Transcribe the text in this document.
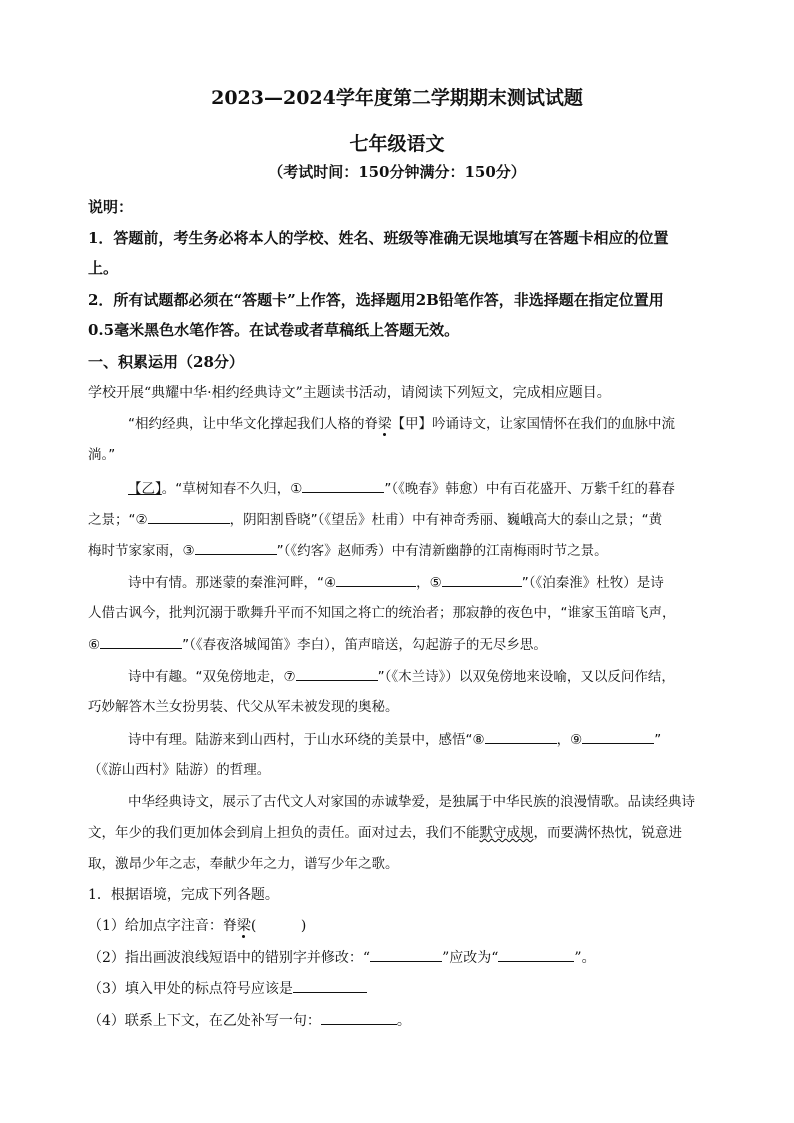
2023—2024学年度第二学期期末测试试题
七年级语文
（考试时间：150分钟满分：150分）
说明：
1．答题前，考生务必将本人的学校、姓名、班级等准确无误地填写在答题卡相应的位置
上。
2．所有试题都必须在“答题卡”上作答，选择题用2B铅笔作答，非选择题在指定位置用
0.5毫米黑色水笔作答。在试卷或者草稿纸上答题无效。
一、积累运用（28分）
学校开展“典耀中华·相约经典诗文”主题读书活动，请阅读下列短文，完成相应题目。
“相约经典，让中华文化撑起我们人格的脊梁【甲】吟诵诗文，让家国情怀在我们的血脉中流
淌。”
【乙】。“草树知春不久归，①	”（《晚春》韩愈）中有百花盛开、万紫千红的暮春
之景；“②	，阴阳割昏晓”（《望岳》杜甫）中有神奇秀丽、巍峨高大的泰山之景；“黄
梅时节家家雨，③	”（《约客》赵师秀）中有清新幽静的江南梅雨时节之景。
诗中有情。那迷蒙的秦淮河畔，“④	，⑤	”（《泊秦淮》杜牧）是诗
人借古讽今，批判沉溺于歌舞升平而不知国之将亡的统治者；那寂静的夜色中，“谁家玉笛暗飞声，
⑥	”（《春夜洛城闻笛》李白），笛声暗送，勾起游子的无尽乡思。
诗中有趣。“双兔傍地走，⑦	”（《木兰诗》）以双兔傍地来设喻，又以反问作结，
巧妙解答木兰女扮男装、代父从军未被发现的奥秘。
诗中有理。陆游来到山西村，于山水环绕的美景中，感悟“⑧	，⑨	”
（《游山西村》陆游）的哲理。
中华经典诗文，展示了古代文人对家国的赤诚挚爱，是独属于中华民族的浪漫情歌。品读经典诗
文，年少的我们更加体会到肩上担负的责任。面对过去，我们不能默守成规，而要满怀热忱，锐意进
取，激昂少年之志，奉献少年之力，谱写少年之歌。
1．根据语境，完成下列各题。
（1）给加点字注音：脊梁(          )
（2）指出画波浪线短语中的错别字并修改：“	”应改为“	”。
（3）填入甲处的标点符号应该是
（4）联系上下文，在乙处补写一句：	。
